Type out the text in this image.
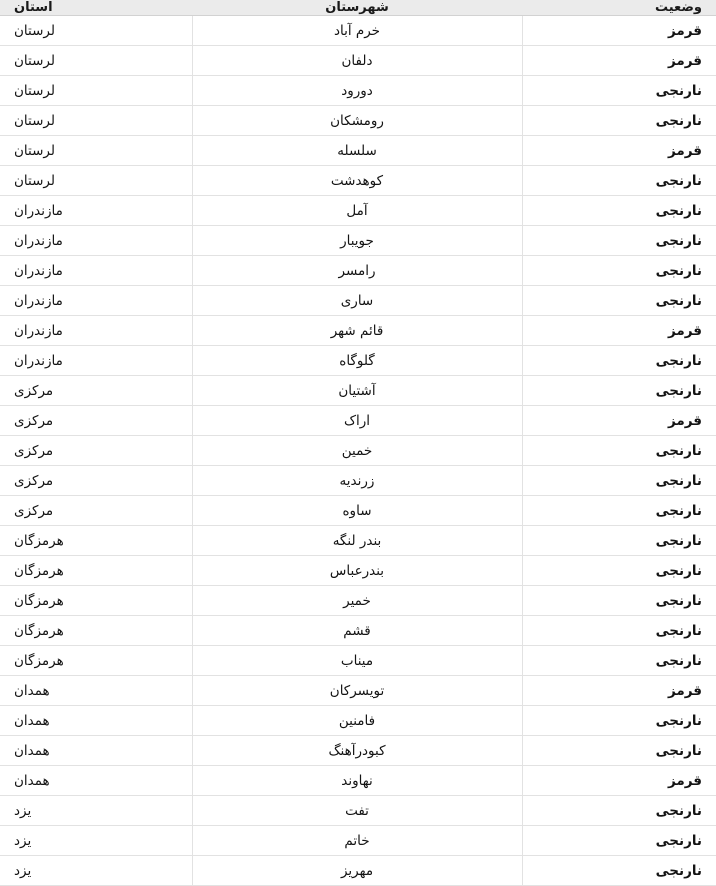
وضعیت	شهرستان	استان
قرمز	خرم آباد	لرستان
قرمز	دلفان	لرستان
نارنجی	دورود	لرستان
نارنجی	رومشکان	لرستان
قرمز	سلسله	لرستان
نارنجی	کوهدشت	لرستان
نارنجی	آمل	مازندران
نارنجی	جویبار	مازندران
نارنجی	رامسر	مازندران
نارنجی	ساری	مازندران
قرمز	قائم شهر	مازندران
نارنجی	گلوگاه	مازندران
نارنجی	آشتیان	مرکزی
قرمز	اراک	مرکزی
نارنجی	خمین	مرکزی
نارنجی	زرندیه	مرکزی
نارنجی	ساوه	مرکزی
نارنجی	بندر لنگه	هرمزگان
نارنجی	بندرعباس	هرمزگان
نارنجی	خمیر	هرمزگان
نارنجی	قشم	هرمزگان
نارنجی	میناب	هرمزگان
قرمز	تویسرکان	همدان
نارنجی	فامنین	همدان
نارنجی	کبودرآهنگ	همدان
قرمز	نهاوند	همدان
نارنجی	تفت	یزد
نارنجی	خاتم	یزد
نارنجی	مهریز	یزد
